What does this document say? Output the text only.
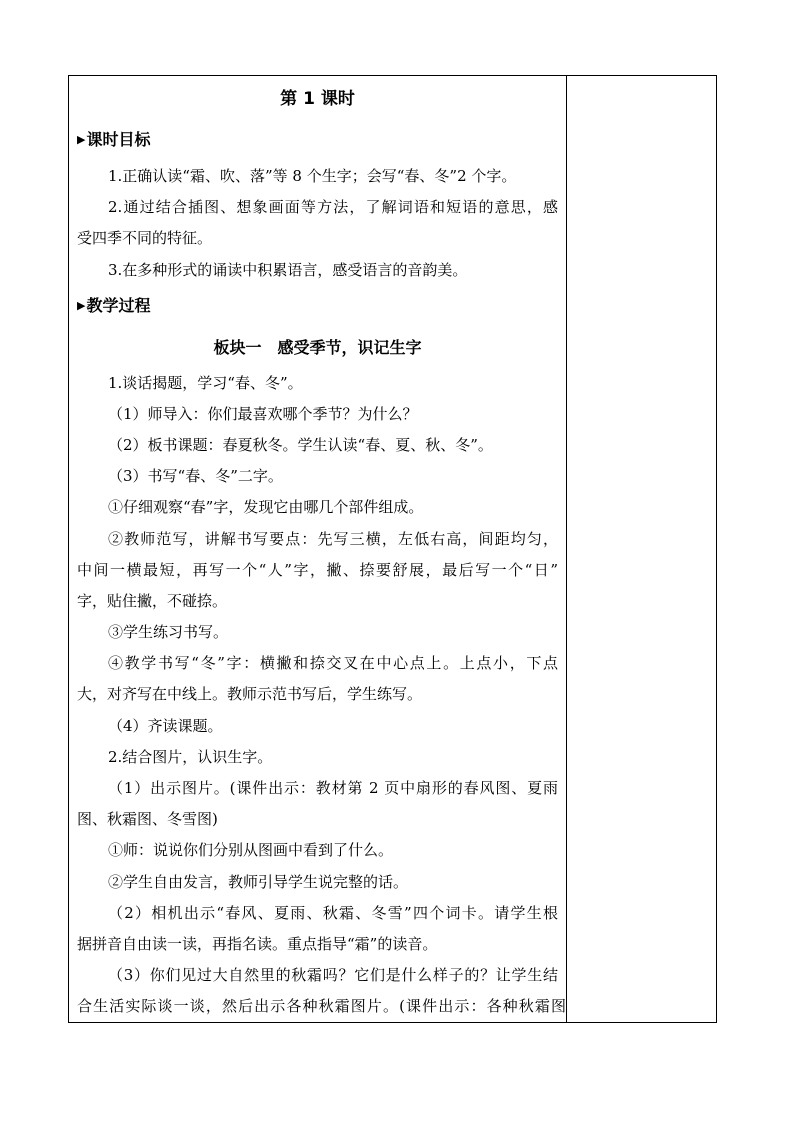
第 1 课时
▶课时目标
1.正确认读“霜、吹、落”等 8 个生字；会写“春、冬”2 个字。
2.通过结合插图、想象画面等方法，了解词语和短语的意思，感
受四季不同的特征。
3.在多种形式的诵读中积累语言，感受语言的音韵美。
▶教学过程
板块一　感受季节，识记生字
1.谈话揭题，学习“春、冬”。
（1）师导入：你们最喜欢哪个季节？为什么？
（2）板书课题：春夏秋冬。学生认读“春、夏、秋、冬”。
（3）书写“春、冬”二字。
①仔细观察“春”字，发现它由哪几个部件组成。
②教师范写，讲解书写要点：先写三横，左低右高，间距均匀，
中间一横最短，再写一个“人”字，撇、捺要舒展，最后写一个“日”
字，贴住撇，不碰捺。
③学生练习书写。
④教学书写“冬”字：横撇和捺交叉在中心点上。上点小，下点
大，对齐写在中线上。教师示范书写后，学生练写。
（4）齐读课题。
2.结合图片，认识生字。
（1）出示图片。(课件出示：教材第 2 页中扇形的春风图、夏雨
图、秋霜图、冬雪图)
①师：说说你们分别从图画中看到了什么。
②学生自由发言，教师引导学生说完整的话。
（2）相机出示“春风、夏雨、秋霜、冬雪”四个词卡。请学生根
据拼音自由读一读，再指名读。重点指导“霜”的读音。
（3）你们见过大自然里的秋霜吗？它们是什么样子的？让学生结
合生活实际谈一谈，然后出示各种秋霜图片。(课件出示：各种秋霜图
